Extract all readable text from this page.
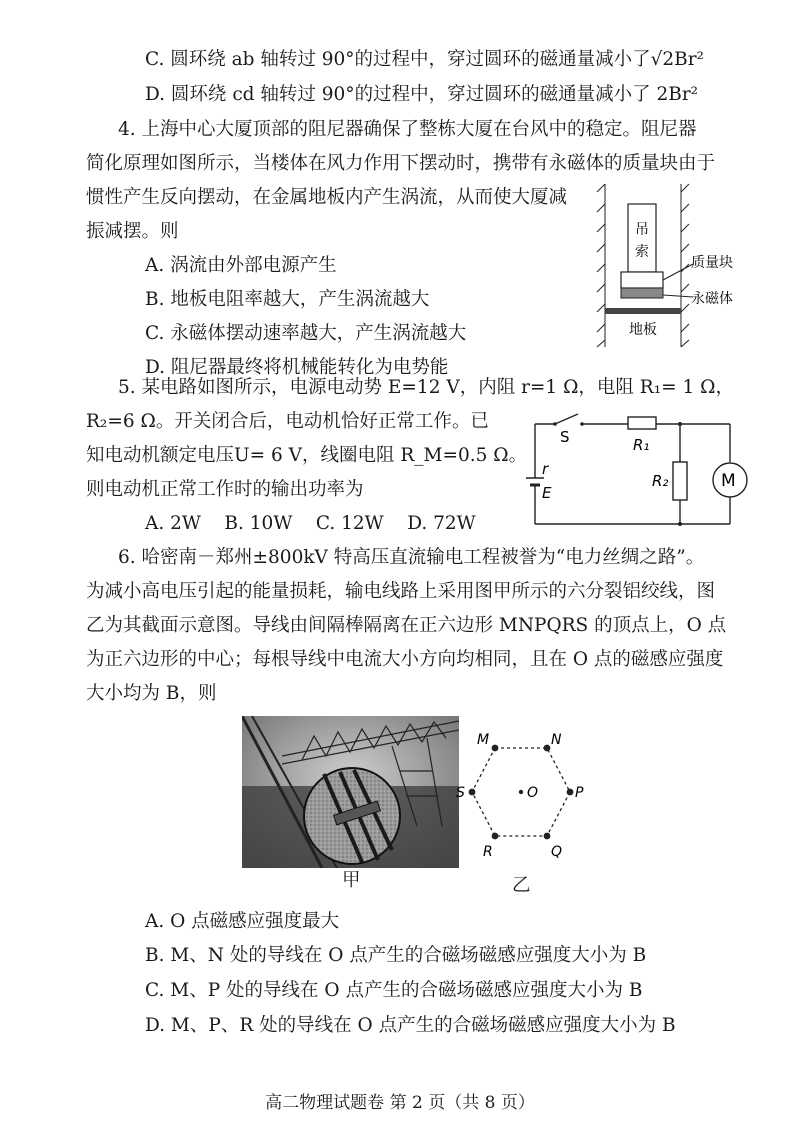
C. 圆环绕 ab 轴转过 90°的过程中，穿过圆环的磁通量减小了√2Br²
D. 圆环绕 cd 轴转过 90°的过程中，穿过圆环的磁通量减小了 2Br²
4. 上海中心大厦顶部的阻尼器确保了整栋大厦在台风中的稳定。阻尼器
简化原理如图所示，当楼体在风力作用下摆动时，携带有永磁体的质量块由于
惯性产生反向摆动，在金属地板内产生涡流，从而使大厦减
振减摆。则
A. 涡流由外部电源产生
B. 地板电阻率越大，产生涡流越大
C. 永磁体摆动速率越大，产生涡流越大
D. 阻尼器最终将机械能转化为电势能
吊
索
质量块
永磁体
地板
5. 某电路如图所示，电源电动势 E=12 V，内阻 r=1 Ω，电阻 R₁= 1 Ω，
R₂=6 Ω。开关闭合后，电动机恰好正常工作。已
知电动机额定电压U= 6 V，线圈电阻 R_M=0.5 Ω。
则电动机正常工作时的输出功率为
A. 2W    B. 10W    C. 12W    D. 72W
S	R₁
R₂	M
r
E
6. 哈密南－郑州±800kV 特高压直流输电工程被誉为“电力丝绸之路”。
为减小高电压引起的能量损耗，输电线路上采用图甲所示的六分裂铝绞线，图
乙为其截面示意图。导线由间隔棒隔离在正六边形 MNPQRS 的顶点上，O 点
为正六边形的中心；每根导线中电流大小方向均相同，且在 O 点的磁感应强度
大小均为 B，则
M	N
P
Q
R
S	O
甲	乙
A. O 点磁感应强度最大
B. M、N 处的导线在 O 点产生的合磁场磁感应强度大小为 B
C. M、P 处的导线在 O 点产生的合磁场磁感应强度大小为 B
D. M、P、R 处的导线在 O 点产生的合磁场磁感应强度大小为 B
高二物理试题卷 第 2 页（共 8 页）
